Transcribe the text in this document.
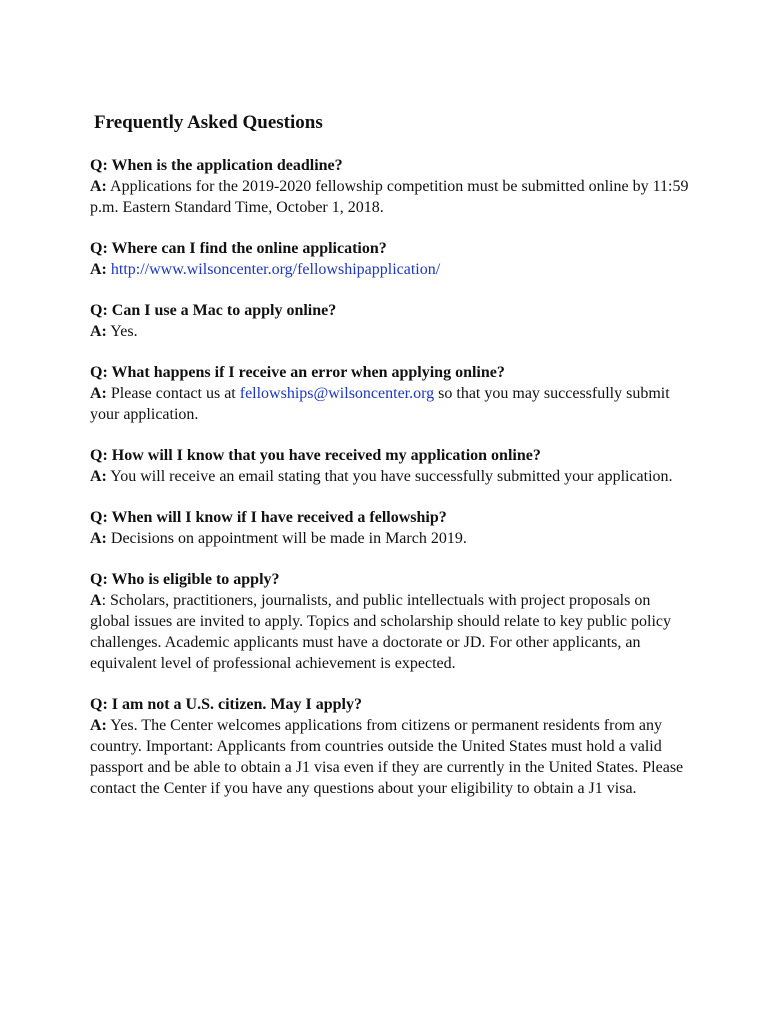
Frequently Asked Questions
Q: When is the application deadline?
A: Applications for the 2019-2020 fellowship competition must be submitted online by 11:59 p.m. Eastern Standard Time, October 1, 2018.
Q: Where can I find the online application?
A: http://www.wilsoncenter.org/fellowshipapplication/
Q: Can I use a Mac to apply online?
A: Yes.
Q: What happens if I receive an error when applying online?
A: Please contact us at fellowships@wilsoncenter.org so that you may successfully submit your application.
Q: How will I know that you have received my application online?
A: You will receive an email stating that you have successfully submitted your application.
Q: When will I know if I have received a fellowship?
A: Decisions on appointment will be made in March 2019.
Q: Who is eligible to apply?
A: Scholars, practitioners, journalists, and public intellectuals with project proposals on global issues are invited to apply. Topics and scholarship should relate to key public policy challenges. Academic applicants must have a doctorate or JD. For other applicants, an equivalent level of professional achievement is expected.
Q: I am not a U.S. citizen. May I apply?
A: Yes. The Center welcomes applications from citizens or permanent residents from any country. Important: Applicants from countries outside the United States must hold a valid passport and be able to obtain a J1 visa even if they are currently in the United States. Please contact the Center if you have any questions about your eligibility to obtain a J1 visa.
